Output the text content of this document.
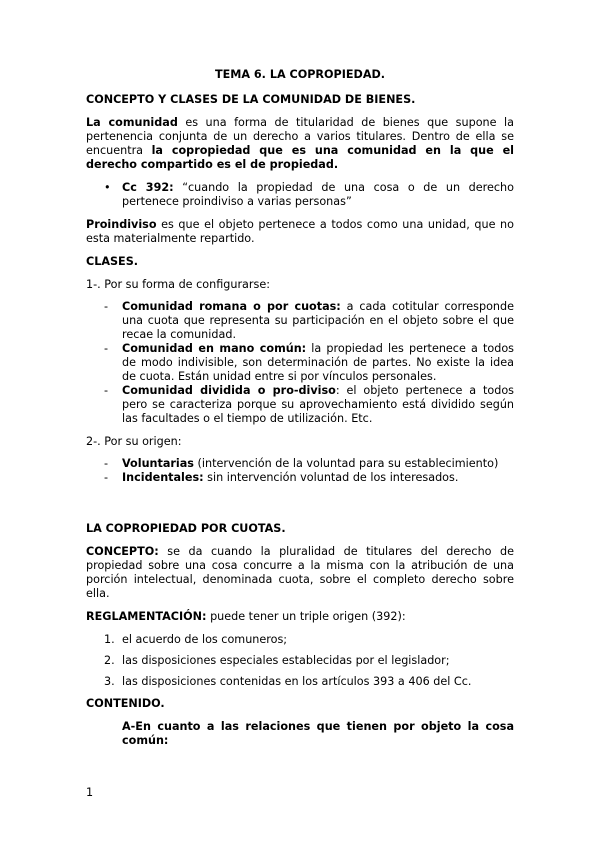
TEMA 6. LA COPROPIEDAD.

CONCEPTO Y CLASES DE LA COMUNIDAD DE BIENES.

La comunidad es una forma de titularidad de bienes que supone la pertenencia conjunta de un derecho a varios titulares. Dentro de ella se encuentra la copropiedad que es una comunidad en la que el derecho compartido es el de propiedad.

• Cc 392: “cuando la propiedad de una cosa o de un derecho pertenece proindiviso a varias personas”

Proindiviso es que el objeto pertenece a todos como una unidad, que no esta materialmente repartido.

CLASES.

1-. Por su forma de configurarse:

- Comunidad romana o por cuotas: a cada cotitular corresponde una cuota que representa su participación en el objeto sobre el que recae la comunidad.
- Comunidad en mano común: la propiedad les pertenece a todos de modo indivisible, son determinación de partes. No existe la idea de cuota. Están unidad entre si por vínculos personales.
- Comunidad dividida o pro-diviso: el objeto pertenece a todos pero se caracteriza porque su aprovechamiento está dividido según las facultades o el tiempo de utilización. Etc.

2-. Por su origen:

- Voluntarias (intervención de la voluntad para su establecimiento)
- Incidentales: sin intervención voluntad de los interesados.

LA COPROPIEDAD POR CUOTAS.

CONCEPTO: se da cuando la pluralidad de titulares del derecho de propiedad sobre una cosa concurre a la misma con la atribución de una porción intelectual, denominada cuota, sobre el completo derecho sobre ella.

REGLAMENTACIÓN: puede tener un triple origen (392):

1. el acuerdo de los comuneros;
2. las disposiciones especiales establecidas por el legislador;
3. las disposiciones contenidas en los artículos 393 a 406 del Cc.

CONTENIDO.

A-En cuanto a las relaciones que tienen por objeto la cosa común:

1
